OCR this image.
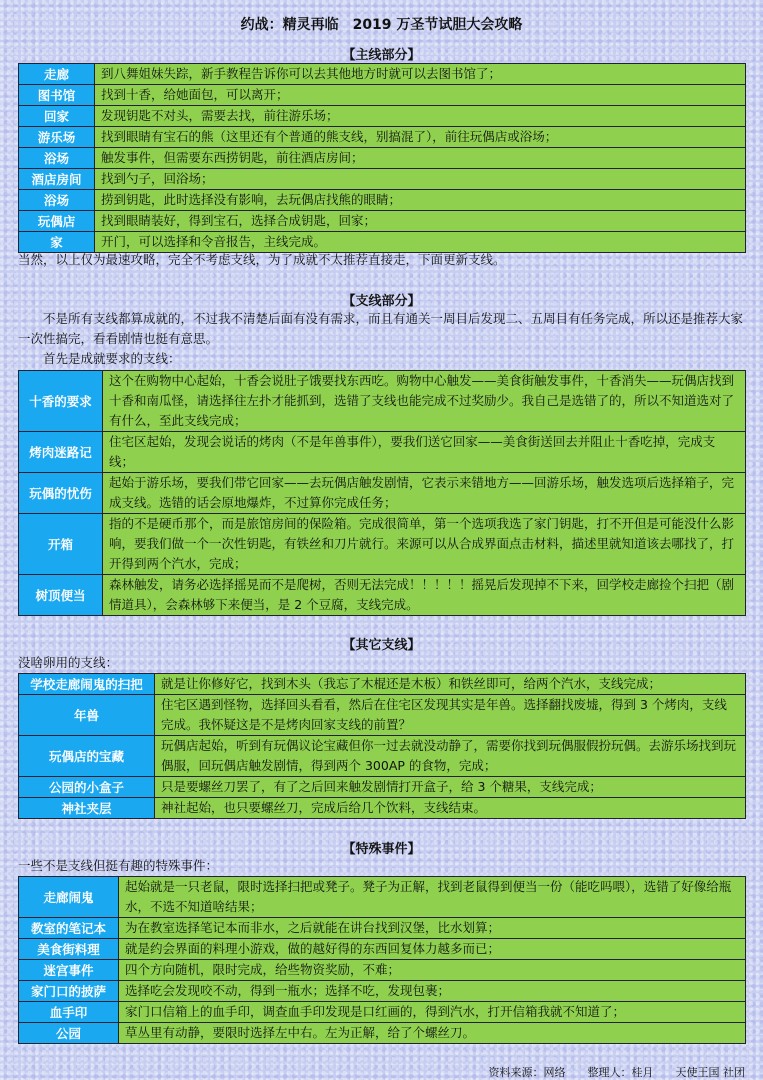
约战：精灵再临　2019 万圣节试胆大会攻略
【主线部分】
走廊	到八舞姐妹失踪，新手教程告诉你可以去其他地方时就可以去图书馆了；
图书馆	找到十香，给她面包，可以离开；
回家	发现钥匙不对头，需要去找，前往游乐场；
游乐场	找到眼睛有宝石的熊（这里还有个普通的熊支线，别搞混了），前往玩偶店或浴场；
浴场	触发事件，但需要东西捞钥匙，前往酒店房间；
酒店房间	找到勺子，回浴场；
浴场	捞到钥匙，此时选择没有影响，去玩偶店找熊的眼睛；
玩偶店	找到眼睛装好，得到宝石，选择合成钥匙，回家；
家	开门，可以选择和令音报告，主线完成。
当然，以上仅为最速攻略，完全不考虑支线，为了成就不太推荐直接走，下面更新支线。
【支线部分】
　　不是所有支线都算成就的，不过我不清楚后面有没有需求，而且有通关一周目后发现二、五周目有任务完成，所以还是推荐大家一次性搞完，看看剧情也挺有意思。
　　首先是成就要求的支线：
十香的要求	这个在购物中心起始，十香会说肚子饿要找东西吃。购物中心触发——美食街触发事件，十香消失——玩偶店找到十香和南瓜怪，请选择往左扑才能抓到，选错了支线也能完成不过奖励少。我自己是选错了的，所以不知道选对了有什么，至此支线完成；
烤肉迷路记	住宅区起始，发现会说话的烤肉（不是年兽事件），要我们送它回家——美食街送回去并阻止十香吃掉，完成支线；
玩偶的忧伤	起始于游乐场，要我们带它回家——去玩偶店触发剧情，它表示来错地方——回游乐场，触发选项后选择箱子，完成支线。选错的话会原地爆炸，不过算你完成任务；
开箱	指的不是硬币那个，而是旅馆房间的保险箱。完成很简单，第一个选项我选了家门钥匙，打不开但是可能没什么影响，要我们做一个一次性钥匙，有铁丝和刀片就行。来源可以从合成界面点击材料，描述里就知道该去哪找了，打开得到两个汽水，完成；
树顶便当	森林触发，请务必选择摇晃而不是爬树，否则无法完成！！！！！摇晃后发现掉不下来，回学校走廊捡个扫把（剧情道具），会森林够下来便当，是 2 个豆腐，支线完成。
【其它支线】
没啥卵用的支线：
学校走廊闹鬼的扫把	就是让你修好它，找到木头（我忘了木棍还是木板）和铁丝即可，给两个汽水，支线完成；
年兽	住宅区遇到怪物，选择回头看看，然后在住宅区发现其实是年兽。选择翻找废墟，得到 3 个烤肉，支线完成。我怀疑这是不是烤肉回家支线的前置？
玩偶店的宝藏	玩偶店起始，听到有玩偶议论宝藏但你一过去就没动静了，需要你找到玩偶服假扮玩偶。去游乐场找到玩偶服，回玩偶店触发剧情，得到两个 300AP 的食物，完成；
公园的小盒子	只是要螺丝刀罢了，有了之后回来触发剧情打开盒子，给 3 个糖果，支线完成；
神社夹层	神社起始，也只要螺丝刀，完成后给几个饮料，支线结束。
【特殊事件】
一些不是支线但挺有趣的特殊事件：
走廊闹鬼	起始就是一只老鼠，限时选择扫把或凳子。凳子为正解，找到老鼠得到便当一份（能吃吗喂），选错了好像给瓶水，不选不知道啥结果；
教室的笔记本	为在教室选择笔记本而非水，之后就能在讲台找到汉堡，比水划算；
美食街料理	就是约会界面的料理小游戏，做的越好得的东西回复体力越多而已；
迷宫事件	四个方向随机，限时完成，给些物资奖励，不难；
家门口的披萨	选择吃会发现咬不动，得到一瓶水；选择不吃，发现包裹；
血手印	家门口信箱上的血手印，调查血手印发现是口红画的，得到汽水，打开信箱我就不知道了；
公园	草丛里有动静，要限时选择左中右。左为正解，给了个螺丝刀。
资料来源：网络　　整理人：桂月　　天使王国 社团
